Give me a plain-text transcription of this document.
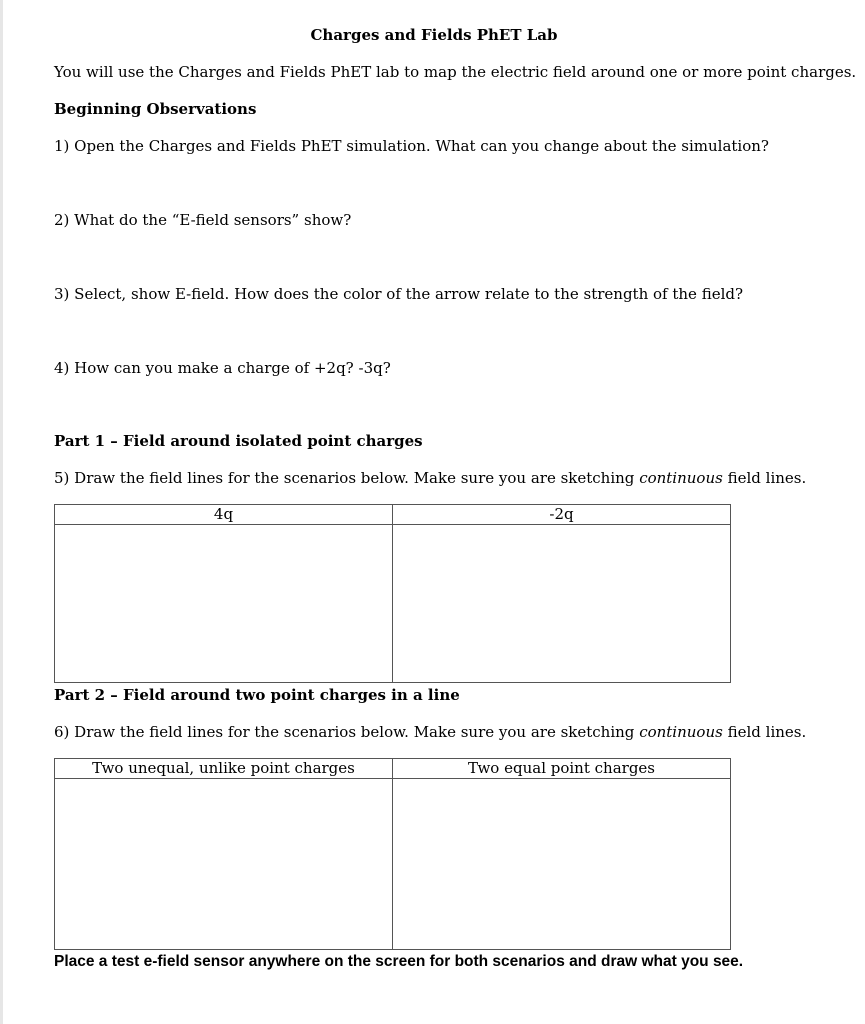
Charges and Fields PhET Lab
You will use the Charges and Fields PhET lab to map the electric field around one or more point charges.
Beginning Observations
1) Open the Charges and Fields PhET simulation. What can you change about the simulation?
2) What do the “E-field sensors” show?
3) Select, show E-field. How does the color of the arrow relate to the strength of the field?
4) How can you make a charge of +2q? -3q?
Part 1 – Field around isolated point charges
5) Draw the field lines for the scenarios below. Make sure you are sketching continuous field lines.
4q	-2q

Part 2 – Field around two point charges in a line
6) Draw the field lines for the scenarios below. Make sure you are sketching continuous field lines.
Two unequal, unlike point charges	Two equal point charges

Place a test e-field sensor anywhere on the screen for both scenarios and draw what you see.
